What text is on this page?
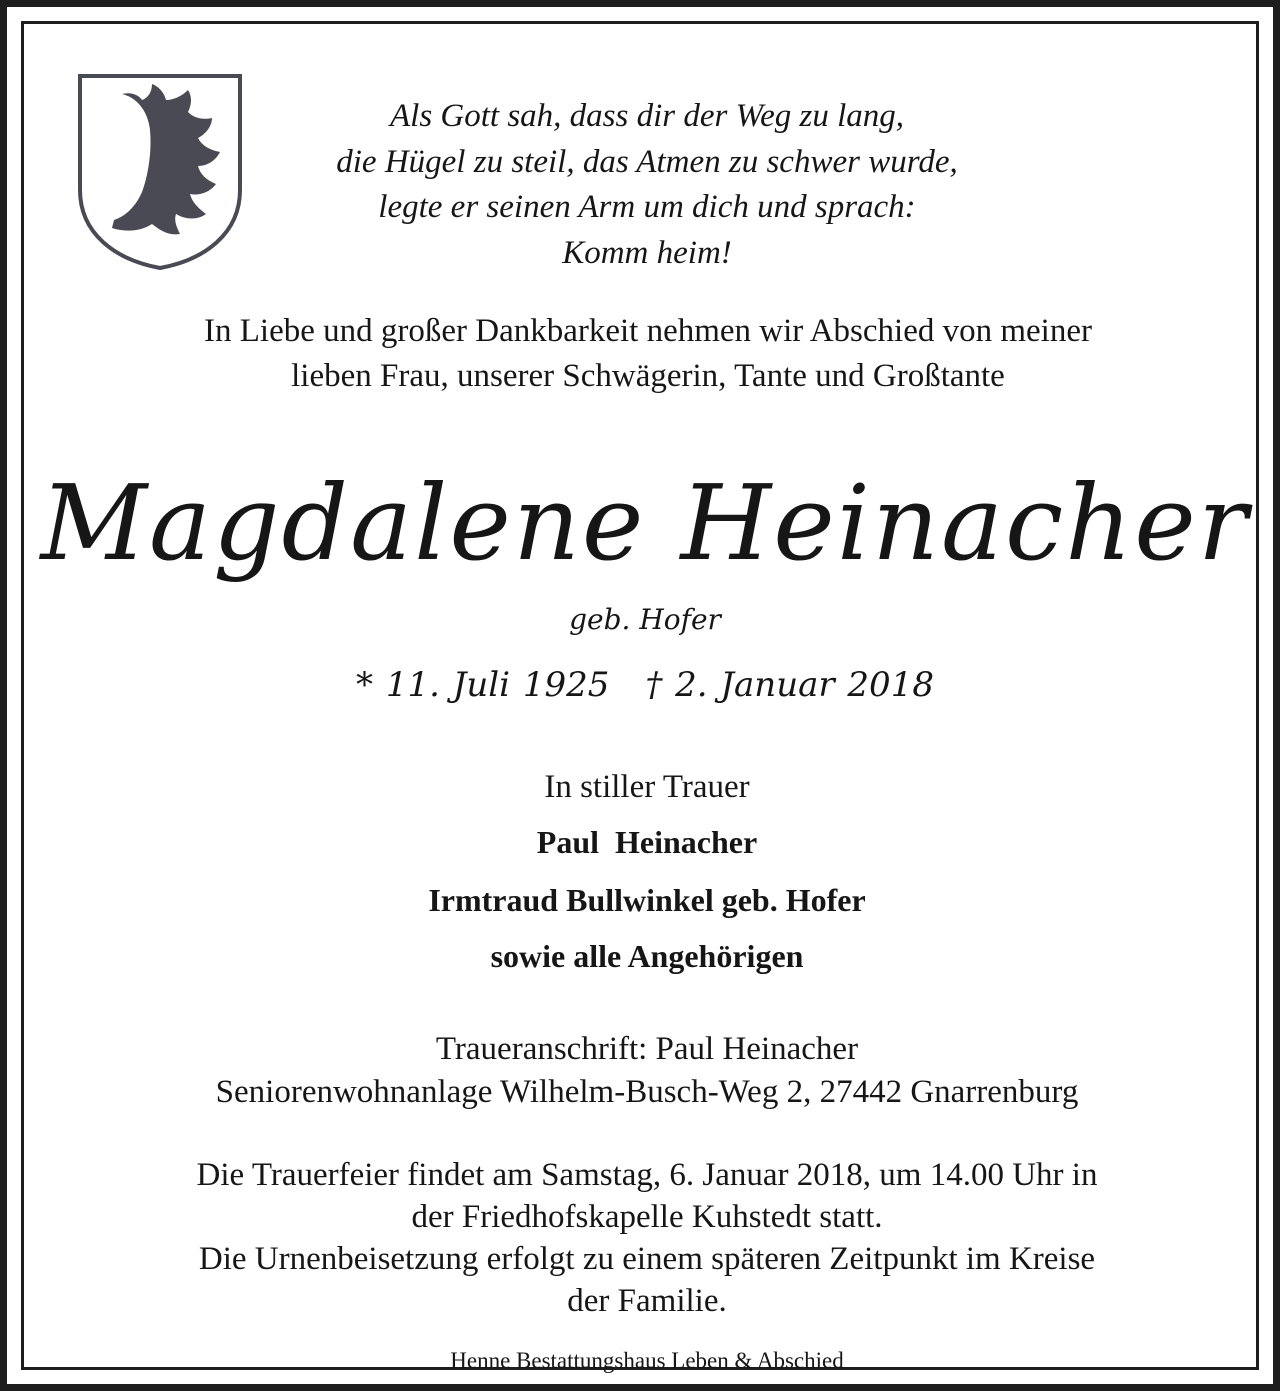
Als Gott sah, dass dir der Weg zu lang,
die Hügel zu steil, das Atmen zu schwer wurde,
legte er seinen Arm um dich und sprach:
Komm heim!
In Liebe und großer Dankbarkeit nehmen wir Abschied von meiner
lieben Frau, unserer Schwägerin, Tante und Großtante
Magdalene Heinacher
geb. Hofer
* 11. Juli 1925 † 2. Januar 2018
In stiller Trauer
Paul  Heinacher
Irmtraud Bullwinkel geb. Hofer
sowie alle Angehörigen
Traueranschrift: Paul Heinacher
Seniorenwohnanlage Wilhelm-Busch-Weg 2, 27442 Gnarrenburg
Die Trauerfeier findet am Samstag, 6. Januar 2018, um 14.00 Uhr in
der Friedhofskapelle Kuhstedt statt.
Die Urnenbeisetzung erfolgt zu einem späteren Zeitpunkt im Kreise
der Familie.
Henne Bestattungshaus Leben & Abschied
